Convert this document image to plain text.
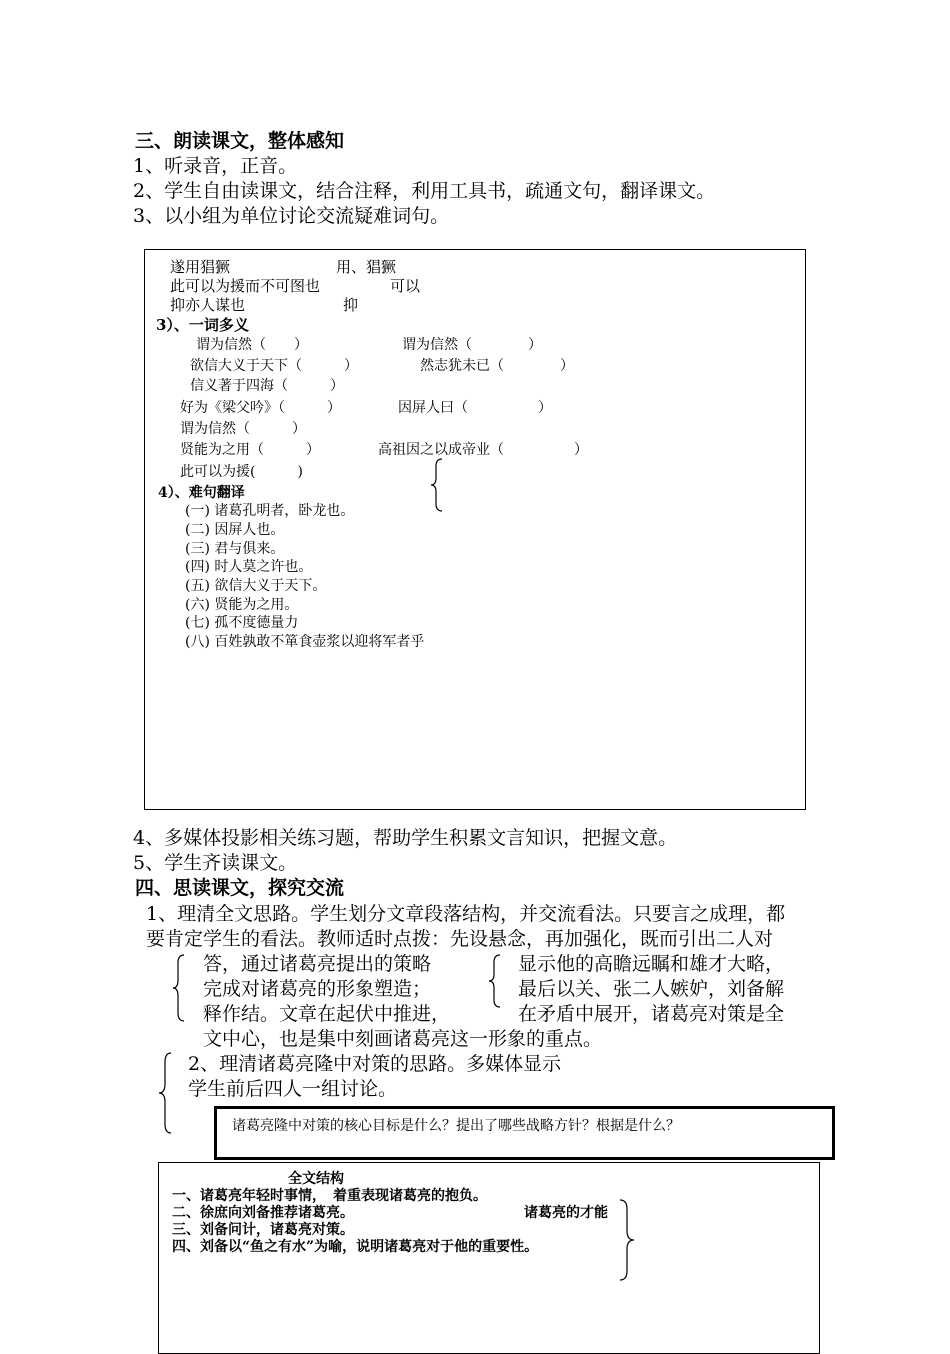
三、朗读课文，整体感知
1、听录音，正音。
2、学生自由读课文，结合注释，利用工具书，疏通文句，翻译课文。
3、以小组为单位讨论交流疑难词句。
遂用猖獗	用、猖獗
此可以为援而不可图也	可以
抑亦人谋也	抑
3）、一词多义
谓为信然（　　）	谓为信然（　　　　）
欲信大义于天下（　　　）	然志犹未已（　　　　）
信义著于四海（　　　）
好为《梁父吟》（　　　）	因屏人曰（　　　　　）
谓为信然（　　　）
贤能为之用（　　　）	高祖因之以成帝业（　　　　　）
此可以为援(　　　)
4）、难句翻译
(一) 诸葛孔明者，卧龙也。
(二) 因屏人也。
(三) 君与俱来。
(四) 时人莫之许也。
(五) 欲信大义于天下。
(六) 贤能为之用。
(七) 孤不度德量力
(八) 百姓孰敢不箪食壶浆以迎将军者乎
4、多媒体投影相关练习题，帮助学生积累文言知识，把握文意。
5、学生齐读课文。
四、思读课文，探究交流
1、理清全文思路。学生划分文章段落结构，并交流看法。只要言之成理，都
要肯定学生的看法。教师适时点拨：先设悬念，再加强化，既而引出二人对
答，通过诸葛亮提出的策略
完成对诸葛亮的形象塑造；
释作结。文章在起伏中推进，
显示他的高瞻远瞩和雄才大略，
最后以关、张二人嫉妒，刘备解
在矛盾中展开，诸葛亮对策是全
文中心，也是集中刻画诸葛亮这一形象的重点。
2、理清诸葛亮隆中对策的思路。多媒体显示
学生前后四人一组讨论。
诸葛亮隆中对策的核心目标是什么？提出了哪些战略方针？根据是什么？
全文结构
一、诸葛亮年轻时事情，　着重表现诸葛亮的抱负。
二、徐庶向刘备推荐诸葛亮。	诸葛亮的才能
三、刘备问计，诸葛亮对策。
四、刘备以“鱼之有水”为喻，说明诸葛亮对于他的重要性。
